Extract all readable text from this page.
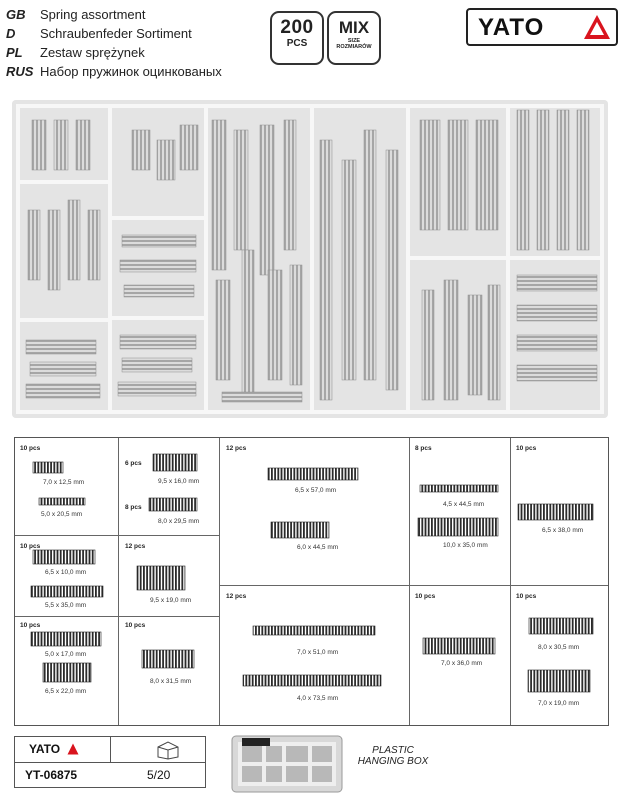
GB Spring assortment
D Schraubenfeder Sortiment
PL Zestaw sprężynek
RUS Набор пружинок оцинкованых
200
PCS
MIX
SIZE
ROZMIARÓW
YATO
10 pcs
7,0 x 12,5 mm
5,0 x 20,5 mm
6 pcs
9,5 x 16,0 mm
8 pcs
8,0 x 29,5 mm
12 pcs
6,5 x 57,0 mm
6,0 x 44,5 mm
8 pcs
4,5 x 44,5 mm
10,0 x 35,0 mm
10 pcs
6,5 x 38,0 mm
10 pcs
6,5 x 10,0 mm
5,5 x 35,0 mm
12 pcs
9,5 x 19,0 mm
10 pcs
5,0 x 17,0 mm
6,5 x 22,0 mm
10 pcs
8,0 x 31,5 mm
12 pcs
7,0 x 51,0 mm
4,0 x 73,5 mm
10 pcs
7,0 x 36,0 mm
10 pcs
8,0 x 30,5 mm
7,0 x 19,0 mm
YATO
YT-06875	5/20
PLASTIC
HANGING BOX
